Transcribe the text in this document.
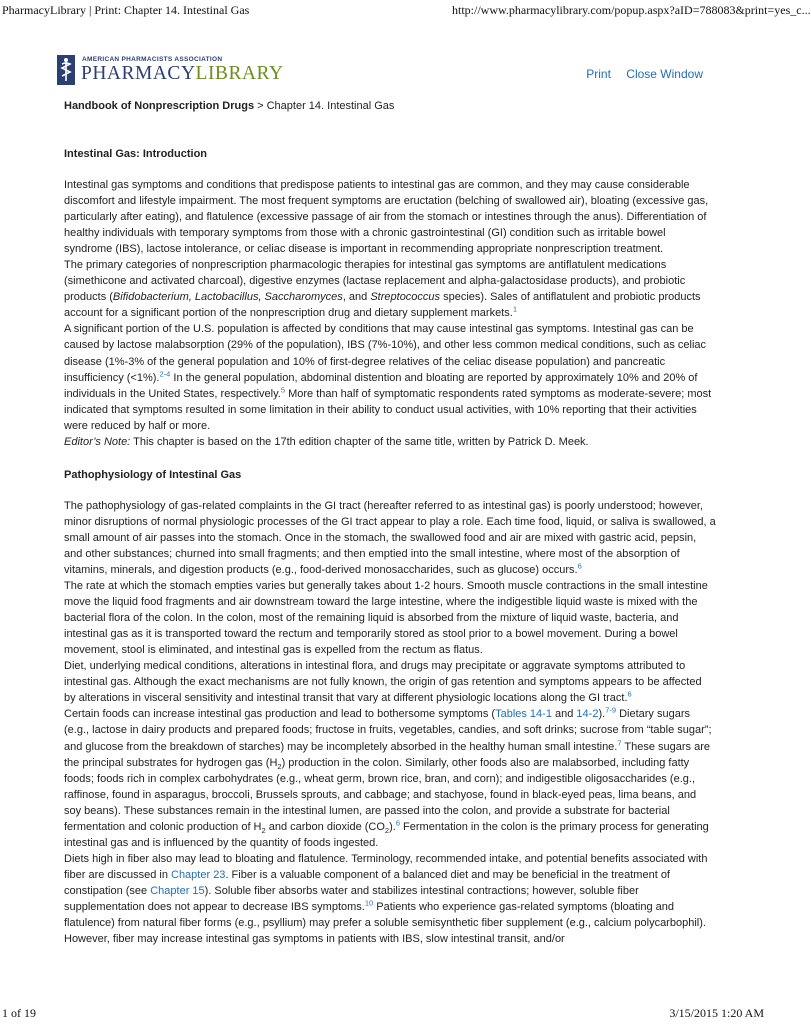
PharmacyLibrary | Print: Chapter 14. Intestinal Gas	http://www.pharmacylibrary.com/popup.aspx?aID=788083&print=yes_c...
AMERICAN PHARMACISTS ASSOCIATION
PHARMACYLIBRARY	Print Close Window
Handbook of Nonprescription Drugs > Chapter 14. Intestinal Gas
Intestinal Gas: Introduction

Intestinal gas symptoms and conditions that predispose patients to intestinal gas are common, and they may cause considerable discomfort and lifestyle impairment. The most frequent symptoms are eructation (belching of swallowed air), bloating (excessive gas, particularly after eating), and flatulence (excessive passage of air from the stomach or intestines through the anus). Differentiation of healthy individuals with temporary symptoms from those with a chronic gastrointestinal (GI) condition such as irritable bowel syndrome (IBS), lactose intolerance, or celiac disease is important in recommending appropriate nonprescription treatment.

The primary categories of nonprescription pharmacologic therapies for intestinal gas symptoms are antiflatulent medications (simethicone and activated charcoal), digestive enzymes (lactase replacement and alpha-galactosidase products), and probiotic products (Bifidobacterium, Lactobacillus, Saccharomyces, and Streptococcus species). Sales of antiflatulent and probiotic products account for a significant portion of the nonprescription drug and dietary supplement markets.$^1$

A significant portion of the U.S. population is affected by conditions that may cause intestinal gas symptoms. Intestinal gas can be caused by lactose malabsorption (29% of the population), IBS (7%-10%), and other less common medical conditions, such as celiac disease (1%-3% of the general population and 10% of first-degree relatives of the celiac disease population) and pancreatic insufficiency (<1%).$^{2-4}$ In the general population, abdominal distention and bloating are reported by approximately 10% and 20% of individuals in the United States, respectively.$^5$ More than half of symptomatic respondents rated symptoms as moderate-severe; most indicated that symptoms resulted in some limitation in their ability to conduct usual activities, with 10% reporting that their activities were reduced by half or more.

Editor’s Note: This chapter is based on the 17th edition chapter of the same title, written by Patrick D. Meek.

Pathophysiology of Intestinal Gas

The pathophysiology of gas-related complaints in the GI tract (hereafter referred to as intestinal gas) is poorly understood; however, minor disruptions of normal physiologic processes of the GI tract appear to play a role. Each time food, liquid, or saliva is swallowed, a small amount of air passes into the stomach. Once in the stomach, the swallowed food and air are mixed with gastric acid, pepsin, and other substances; churned into small fragments; and then emptied into the small intestine, where most of the absorption of vitamins, minerals, and digestion products (e.g., food-derived monosaccharides, such as glucose) occurs.$^6$

The rate at which the stomach empties varies but generally takes about 1-2 hours. Smooth muscle contractions in the small intestine move the liquid food fragments and air downstream toward the large intestine, where the indigestible liquid waste is mixed with the bacterial flora of the colon. In the colon, most of the remaining liquid is absorbed from the mixture of liquid waste, bacteria, and intestinal gas as it is transported toward the rectum and temporarily stored as stool prior to a bowel movement. During a bowel movement, stool is eliminated, and intestinal gas is expelled from the rectum as flatus.

Diet, underlying medical conditions, alterations in intestinal flora, and drugs may precipitate or aggravate symptoms attributed to intestinal gas. Although the exact mechanisms are not fully known, the origin of gas retention and symptoms appears to be affected by alterations in visceral sensitivity and intestinal transit that vary at different physiologic locations along the GI tract.$^6$

Certain foods can increase intestinal gas production and lead to bothersome symptoms (Tables 14-1 and 14-2).$^{7-9}$ Dietary sugars (e.g., lactose in dairy products and prepared foods; fructose in fruits, vegetables, candies, and soft drinks; sucrose from “table sugar”; and glucose from the breakdown of starches) may be incompletely absorbed in the healthy human small intestine.$^7$ These sugars are the principal substrates for hydrogen gas $(H_2)$ production in the colon. Similarly, other foods also are malabsorbed, including fatty foods; foods rich in complex carbohydrates (e.g., wheat germ, brown rice, bran, and corn); and indigestible oligosaccharides (e.g., raffinose, found in asparagus, broccoli, Brussels sprouts, and cabbage; and stachyose, found in black-eyed peas, lima beans, and soy beans). These substances remain in the intestinal lumen, are passed into the colon, and provide a substrate for bacterial fermentation and colonic production of $H_2$ and carbon dioxide $(CO_2).^6$ Fermentation in the colon is the primary process for generating intestinal gas and is influenced by the quantity of foods ingested.

Diets high in fiber also may lead to bloating and flatulence. Terminology, recommended intake, and potential benefits associated with fiber are discussed in Chapter 23. Fiber is a valuable component of a balanced diet and may be beneficial in the treatment of constipation (see Chapter 15). Soluble fiber absorbs water and stabilizes intestinal contractions; however, soluble fiber supplementation does not appear to decrease IBS symptoms.$^{10}$ Patients who experience gas-related symptoms (bloating and flatulence) from natural fiber forms (e.g., psyllium) may prefer a soluble semisynthetic fiber supplement (e.g., calcium polycarbophil). However, fiber may increase intestinal gas symptoms in patients with IBS, slow intestinal transit, and/or

1 of 19	3/15/2015 1:20 AM
